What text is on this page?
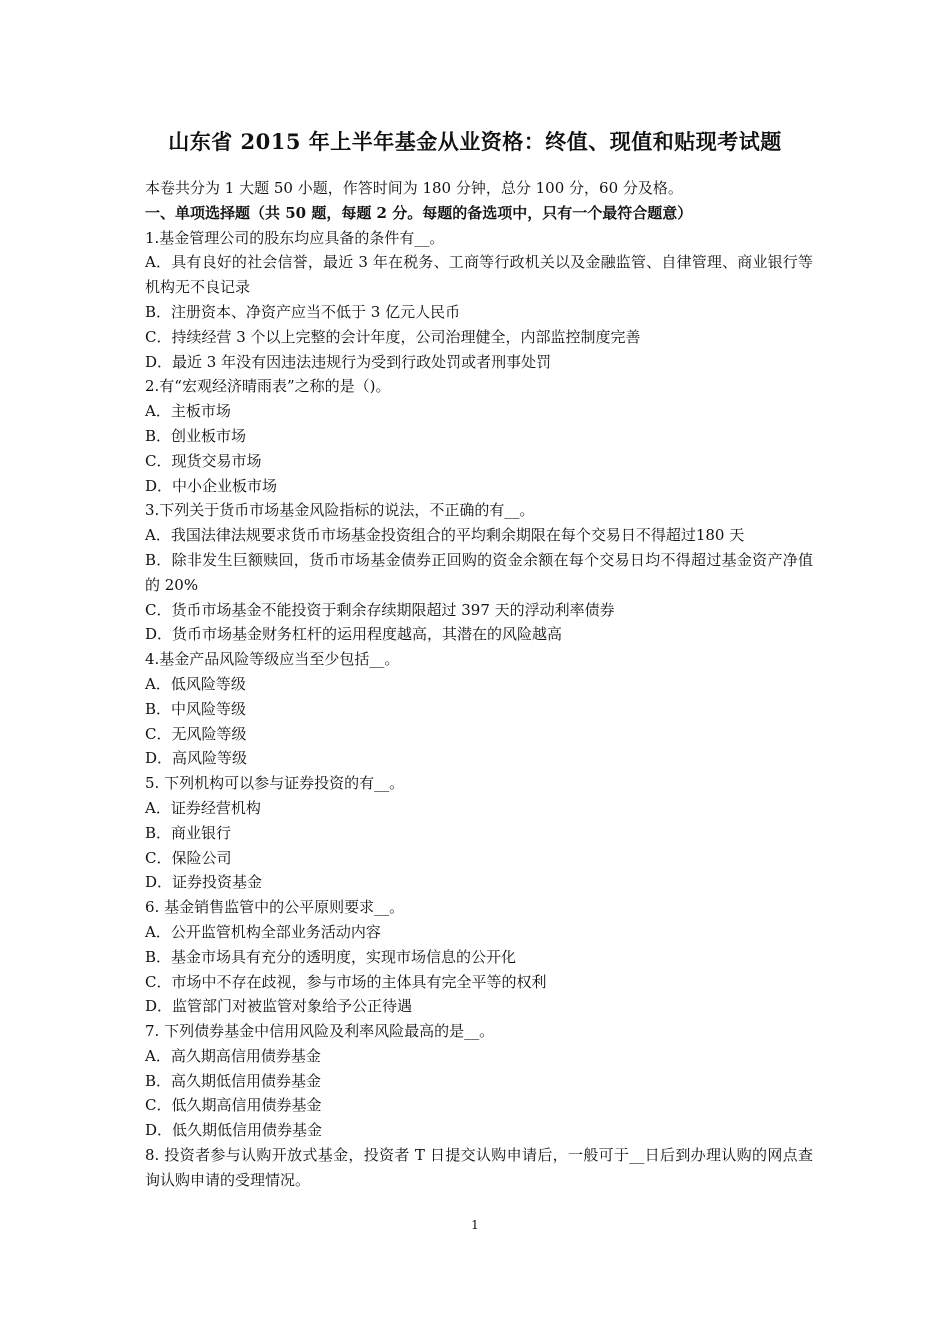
山东省 2015 年上半年基金从业资格：终值、现值和贴现考试题

本卷共分为 1 大题 50 小题，作答时间为 180 分钟，总分 100 分，60 分及格。

一、单项选择题（共 50 题，每题 2 分。每题的备选项中，只有一个最符合题意）

1.基金管理公司的股东均应具备的条件有__。

A．具有良好的社会信誉，最近 3 年在税务、工商等行政机关以及金融监管、自律管理、商业银行等机构无不良记录

B．注册资本、净资产应当不低于 3 亿元人民币

C．持续经营 3 个以上完整的会计年度，公司治理健全，内部监控制度完善

D．最近 3 年没有因违法违规行为受到行政处罚或者刑事处罚

2.有“宏观经济晴雨表”之称的是（)。

A．主板市场

B．创业板市场

C．现货交易市场

D．中小企业板市场

3.下列关于货币市场基金风险指标的说法，不正确的有__。

A．我国法律法规要求货币市场基金投资组合的平均剩余期限在每个交易日不得超过180 天

B．除非发生巨额赎回，货币市场基金债券正回购的资金余额在每个交易日均不得超过基金资产净值的 20%

C．货币市场基金不能投资于剩余存续期限超过 397 天的浮动利率债券

D．货币市场基金财务杠杆的运用程度越高，其潜在的风险越高

4.基金产品风险等级应当至少包括__。

A．低风险等级

B．中风险等级

C．无风险等级

D．高风险等级

5. 下列机构可以参与证券投资的有__。

A．证券经营机构

B．商业银行

C．保险公司

D．证券投资基金

6. 基金销售监管中的公平原则要求__。

A．公开监管机构全部业务活动内容

B．基金市场具有充分的透明度，实现市场信息的公开化

C．市场中不存在歧视，参与市场的主体具有完全平等的权利

D．监管部门对被监管对象给予公正待遇

7. 下列债券基金中信用风险及利率风险最高的是__。

A．高久期高信用债券基金

B．高久期低信用债券基金

C．低久期高信用债券基金

D．低久期低信用债券基金

8. 投资者参与认购开放式基金，投资者 T 日提交认购申请后，一般可于__日后到办理认购的网点查询认购申请的受理情况。

1
